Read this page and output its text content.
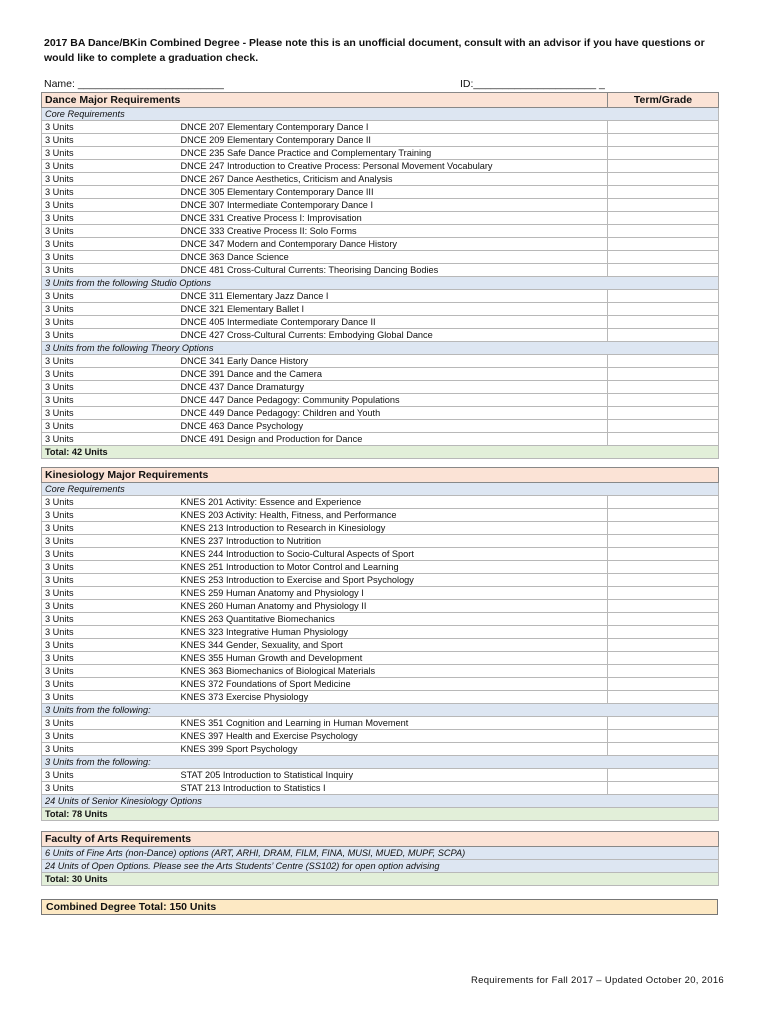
2017 BA Dance/BKin Combined Degree - Please note this is an unofficial document, consult with an advisor if you have questions or would like to complete a graduation check.
Name: _________________________	ID:_____________________ _
Dance Major Requirements		Term/Grade
Core Requirements		
3 Units	DNCE 207 Elementary Contemporary Dance I	
3 Units	DNCE 209 Elementary Contemporary Dance II	
3 Units	DNCE 235 Safe Dance Practice and Complementary Training	
3 Units	DNCE 247 Introduction to Creative Process: Personal Movement Vocabulary	
3 Units	DNCE 267 Dance Aesthetics, Criticism and Analysis	
3 Units	DNCE 305 Elementary Contemporary Dance III	
3 Units	DNCE 307 Intermediate Contemporary Dance I	
3 Units	DNCE 331 Creative Process I: Improvisation	
3 Units	DNCE 333 Creative Process II: Solo Forms	
3 Units	DNCE 347 Modern and Contemporary Dance History	
3 Units	DNCE 363 Dance Science	
3 Units	DNCE 481 Cross-Cultural Currents: Theorising Dancing Bodies	
3 Units from the following Studio Options		
3 Units	DNCE 311 Elementary Jazz Dance I	
3 Units	DNCE 321 Elementary Ballet I	
3 Units	DNCE 405 Intermediate Contemporary Dance II	
3 Units	DNCE 427 Cross-Cultural Currents: Embodying Global Dance	
3 Units from the following Theory Options		
3 Units	DNCE 341 Early Dance History	
3 Units	DNCE 391 Dance and the Camera	
3 Units	DNCE 437 Dance Dramaturgy	
3 Units	DNCE 447 Dance Pedagogy: Community Populations	
3 Units	DNCE 449 Dance Pedagogy: Children and Youth	
3 Units	DNCE 463 Dance Psychology	
3 Units	DNCE 491 Design and Production for Dance	
Total: 42 Units		
Kinesiology Major Requirements		
Core Requirements		
3 Units	KNES 201 Activity: Essence and Experience	
3 Units	KNES 203 Activity: Health, Fitness, and Performance	
3 Units	KNES 213 Introduction to Research in Kinesiology	
3 Units	KNES 237 Introduction to Nutrition	
3 Units	KNES 244 Introduction to Socio-Cultural Aspects of Sport	
3 Units	KNES 251 Introduction to Motor Control and Learning	
3 Units	KNES 253 Introduction to Exercise and Sport Psychology	
3 Units	KNES 259 Human Anatomy and Physiology I	
3 Units	KNES 260 Human Anatomy and Physiology II	
3 Units	KNES 263 Quantitative Biomechanics	
3 Units	KNES 323 Integrative Human Physiology	
3 Units	KNES 344 Gender, Sexuality, and Sport	
3 Units	KNES 355 Human Growth and Development	
3 Units	KNES 363 Biomechanics of Biological Materials	
3 Units	KNES 372 Foundations of Sport Medicine	
3 Units	KNES 373 Exercise Physiology	
3 Units from the following:		
3 Units	KNES 351 Cognition and Learning in Human Movement	
3 Units	KNES 397 Health and Exercise Psychology	
3 Units	KNES 399 Sport Psychology	
3 Units from the following:		
3 Units	STAT 205 Introduction to Statistical Inquiry	
3 Units	STAT 213 Introduction to Statistics I	
24 Units of Senior Kinesiology Options		
Total: 78 Units		
Faculty of Arts Requirements
6 Units of Fine Arts (non-Dance) options (ART, ARHI, DRAM, FILM, FINA, MUSI, MUED, MUPF, SCPA)
24 Units of Open Options. Please see the Arts Students’ Centre (SS102) for open option advising
Total: 30 Units
Combined Degree Total: 150 Units
Requirements for Fall 2017 – Updated October 20, 2016
